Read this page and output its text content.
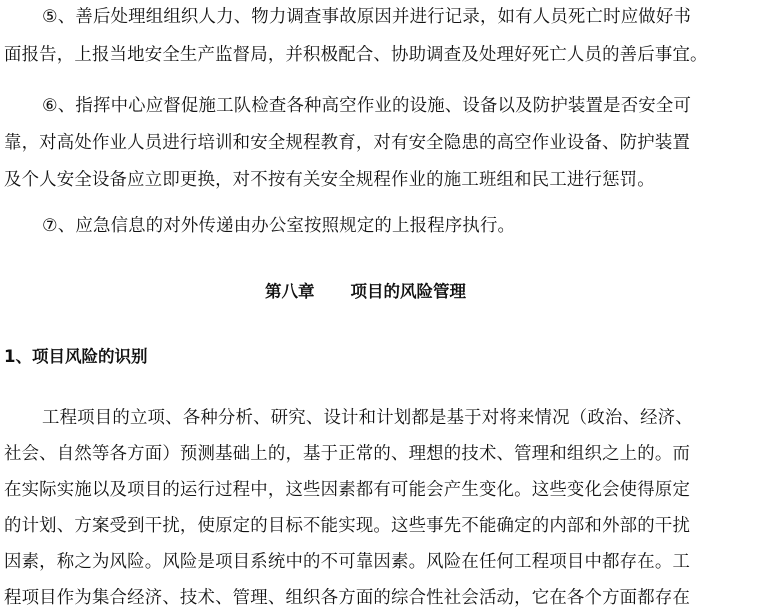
⑤、善后处理组组织人力、物力调查事故原因并进行记录，如有人员死亡时应做好书
面报告，上报当地安全生产监督局，并积极配合、协助调查及处理好死亡人员的善后事宜。
⑥、指挥中心应督促施工队检查各种高空作业的设施、设备以及防护装置是否安全可
靠，对高处作业人员进行培训和安全规程教育，对有安全隐患的高空作业设备、防护装置
及个人安全设备应立即更换，对不按有关安全规程作业的施工班组和民工进行惩罚。
⑦、应急信息的对外传递由办公室按照规定的上报程序执行。
第八章 项目的风险管理
1、项目风险的识别
工程项目的立项、各种分析、研究、设计和计划都是基于对将来情况（政治、经济、
社会、自然等各方面）预测基础上的，基于正常的、理想的技术、管理和组织之上的。而
在实际实施以及项目的运行过程中，这些因素都有可能会产生变化。这些变化会使得原定
的计划、方案受到干扰，使原定的目标不能实现。这些事先不能确定的内部和外部的干扰
因素，称之为风险。风险是项目系统中的不可靠因素。风险在任何工程项目中都存在。工
程项目作为集合经济、技术、管理、组织各方面的综合性社会活动，它在各个方面都存在
